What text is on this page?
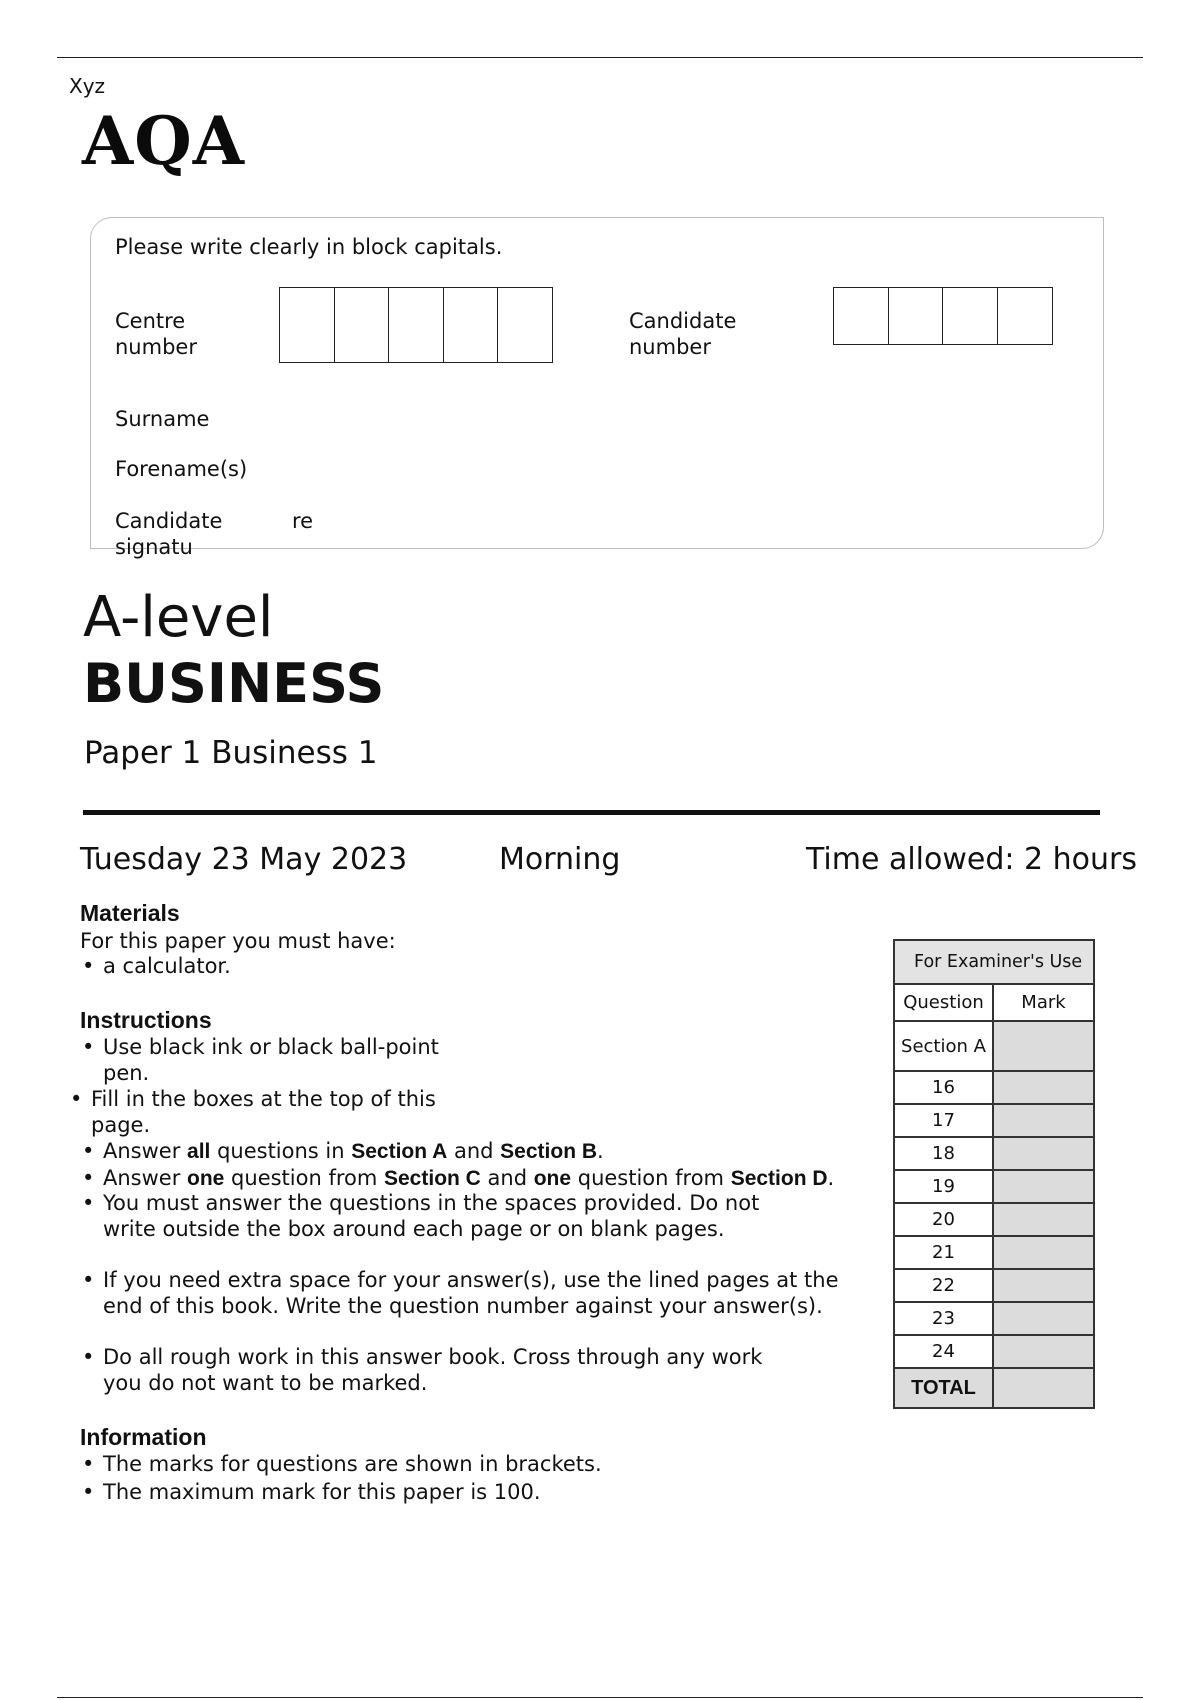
Xyz
AQA
Please write clearly in block capitals.
Centre number
Candidate number
Surname
Forename(s)
Candidate signatu
re
A-level
BUSINESS
Paper 1 Business 1
Tuesday 23 May 2023	Morning	Time allowed: 2 hours
Materials
For this paper you must have:
• a calculator.
Instructions
• Use black ink or black ball-point pen.
• Fill in the boxes at the top of this page.
• Answer all questions in Section A and Section B.
• Answer one question from Section C and one question from Section D.
• You must answer the questions in the spaces provided. Do not write outside the box around each page or on blank pages.
• If you need extra space for your answer(s), use the lined pages at the end of this book. Write the question number against your answer(s).
• Do all rough work in this answer book. Cross through any work you do not want to be marked.
Information
• The marks for questions are shown in brackets.
• The maximum mark for this paper is 100.
For Examiner's Use	
Question	Mark
Section A	
16	
17	
18	
19	
20	
21	
22	
23	
24	
TOTAL	
